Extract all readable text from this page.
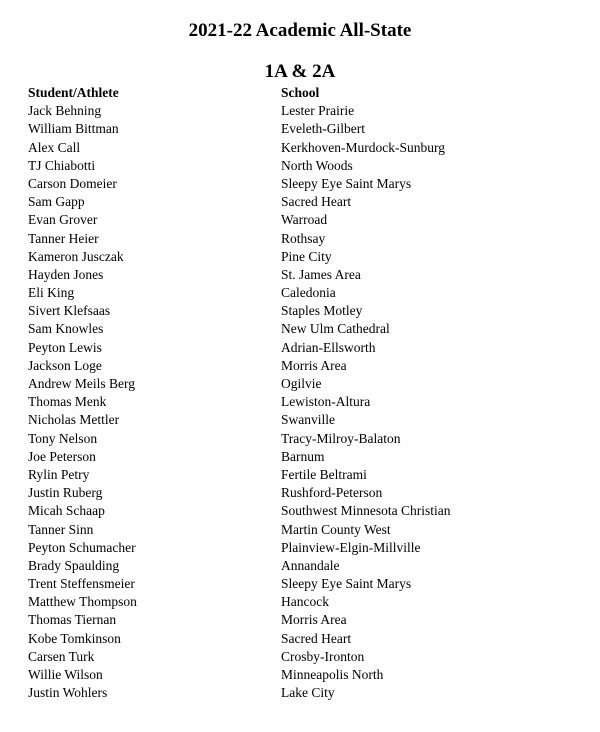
2021-22 Academic All-State
1A & 2A
Student/Athlete	School
Jack Behning	Lester Prairie
William Bittman	Eveleth-Gilbert
Alex Call	Kerkhoven-Murdock-Sunburg
TJ Chiabotti	North Woods
Carson Domeier	Sleepy Eye Saint Marys
Sam Gapp	Sacred Heart
Evan Grover	Warroad
Tanner Heier	Rothsay
Kameron Jusczak	Pine City
Hayden Jones	St. James Area
Eli King	Caledonia
Sivert Klefsaas	Staples Motley
Sam Knowles	New Ulm Cathedral
Peyton Lewis	Adrian-Ellsworth
Jackson Loge	Morris Area
Andrew Meils Berg	Ogilvie
Thomas Menk	Lewiston-Altura
Nicholas Mettler	Swanville
Tony Nelson	Tracy-Milroy-Balaton
Joe Peterson	Barnum
Rylin Petry	Fertile Beltrami
Justin Ruberg	Rushford-Peterson
Micah Schaap	Southwest Minnesota Christian
Tanner Sinn	Martin County West
Peyton Schumacher	Plainview-Elgin-Millville
Brady Spaulding	Annandale
Trent Steffensmeier	Sleepy Eye Saint Marys
Matthew Thompson	Hancock
Thomas Tiernan	Morris Area
Kobe Tomkinson	Sacred Heart
Carsen Turk	Crosby-Ironton
Willie Wilson	Minneapolis North
Justin Wohlers	Lake City
